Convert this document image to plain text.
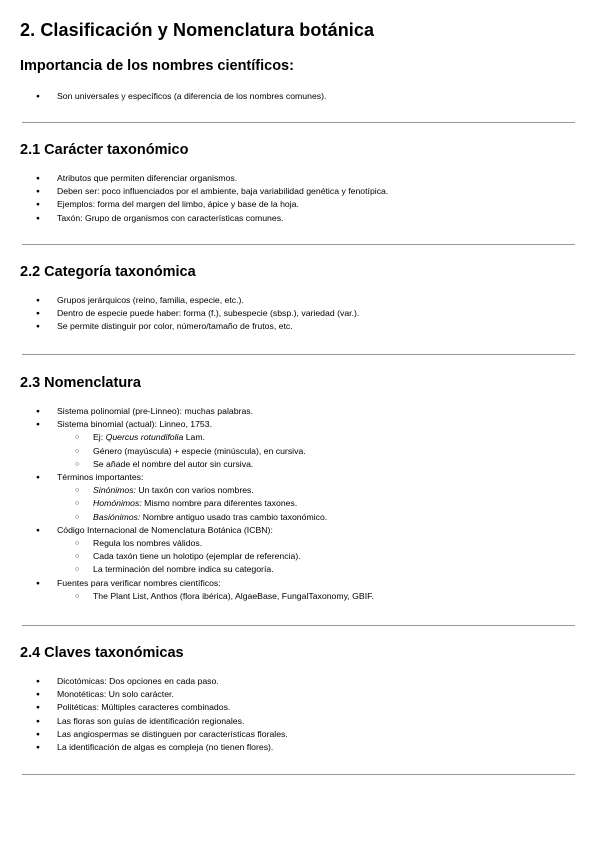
2. Clasificación y Nomenclatura botánica
Importancia de los nombres científicos:
● Son universales y específicos (a diferencia de los nombres comunes).
2.1 Carácter taxonómico
● Atributos que permiten diferenciar organismos.
● Deben ser: poco influenciados por el ambiente, baja variabilidad genética y fenotípica.
● Ejemplos: forma del margen del limbo, ápice y base de la hoja.
● Taxón: Grupo de organismos con características comunes.
2.2 Categoría taxonómica
● Grupos jerárquicos (reino, familia, especie, etc.).
● Dentro de especie puede haber: forma (f.), subespecie (sbsp.), variedad (var.).
● Se permite distinguir por color, número/tamaño de frutos, etc.
2.3 Nomenclatura
● Sistema polinomial (pre-Linneo): muchas palabras.
● Sistema binomial (actual): Linneo, 1753.
○ Ej: Quercus rotundifolia Lam.
○ Género (mayúscula) + especie (minúscula), en cursiva.
○ Se añade el nombre del autor sin cursiva.
● Términos importantes:
○ Sinónimos: Un taxón con varios nombres.
○ Homónimos: Mismo nombre para diferentes taxones.
○ Basiónimos: Nombre antiguo usado tras cambio taxonómico.
● Código Internacional de Nomenclatura Botánica (ICBN):
○ Regula los nombres válidos.
○ Cada taxón tiene un holotipo (ejemplar de referencia).
○ La terminación del nombre indica su categoría.
● Fuentes para verificar nombres científicos:
○ The Plant List, Anthos (flora ibérica), AlgaeBase, FungalTaxonomy, GBIF.
2.4 Claves taxonómicas
● Dicotómicas: Dos opciones en cada paso.
● Monotéticas: Un solo carácter.
● Politéticas: Múltiples caracteres combinados.
● Las floras son guías de identificación regionales.
● Las angiospermas se distinguen por características florales.
● La identificación de algas es compleja (no tienen flores).
